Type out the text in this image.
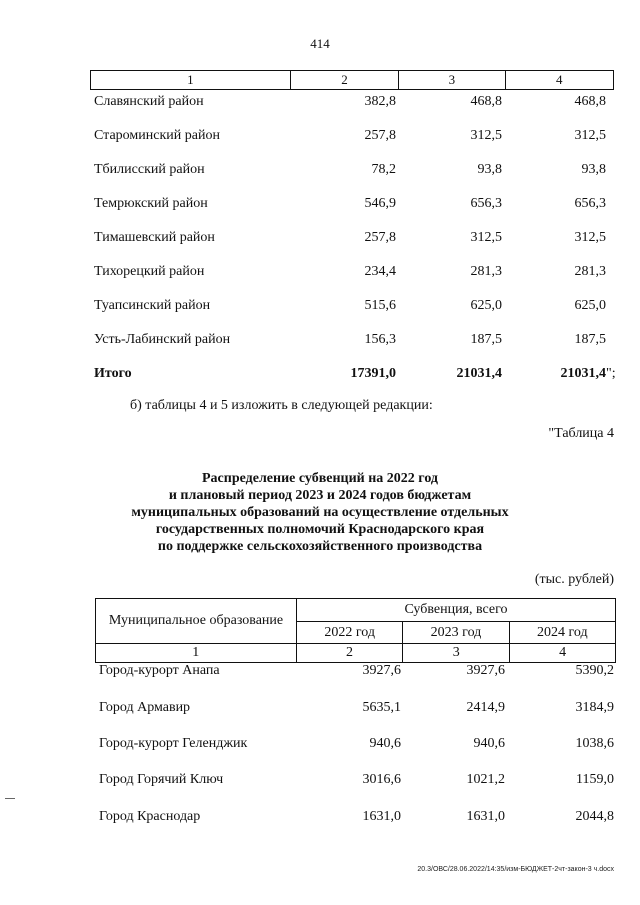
414
1	2	3	4
Славянский район	382,8	468,8	468,8
Староминский район	257,8	312,5	312,5
Тбилисский район	78,2	93,8	93,8
Темрюкский район	546,9	656,3	656,3
Тимашевский район	257,8	312,5	312,5
Тихорецкий район	234,4	281,3	281,3
Туапсинский район	515,6	625,0	625,0
Усть-Лабинский район	156,3	187,5	187,5
Итого	17391,0	21031,4	21031,4 ";
б) таблицы 4 и 5 изложить в следующей редакции:
"Таблица 4
Распределение субвенций на 2022 год
и плановый период 2023 и 2024 годов бюджетам
муниципальных образований на осуществление отдельных
государственных полномочий Краснодарского края
по поддержке сельскохозяйственного производства
(тыс. рублей)
Муниципальное образование
Субвенция, всего
2022 год	2023 год	2024 год
1	2	3	4
Город-курорт Анапа	3927,6	3927,6	5390,2
Город Армавир	5635,1	2414,9	3184,9
Город-курорт Геленджик	940,6	940,6	1038,6
Город Горячий Ключ	3016,6	1021,2	1159,0
Город Краснодар	1631,0	1631,0	2044,8
20.3/ОВС/28.06.2022/14:35/изм-БЮДЖЕТ-2чт-закон-3 ч.docx
